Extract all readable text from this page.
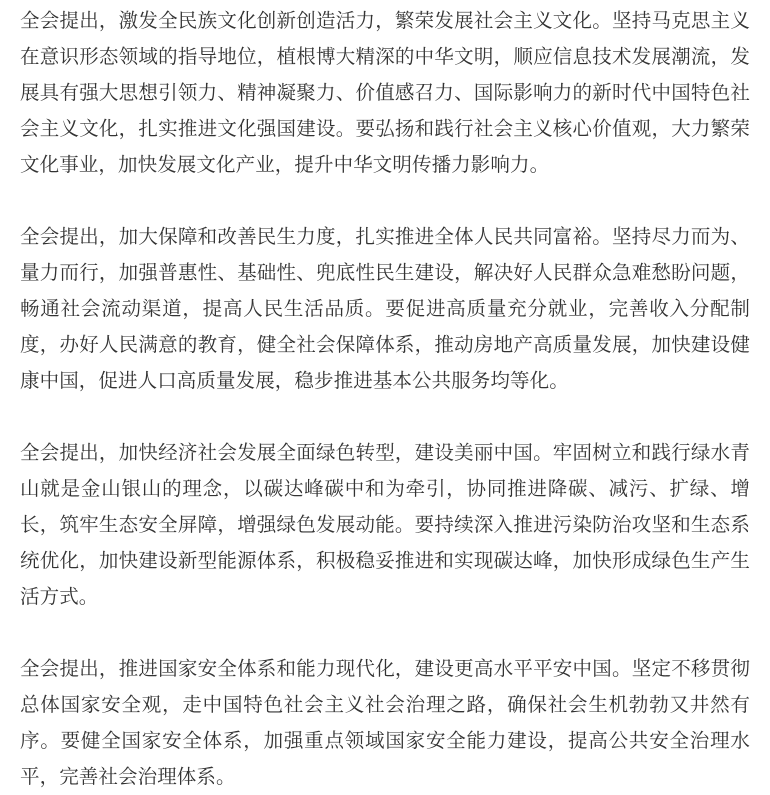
全会提出，激发全民族文化创新创造活力，繁荣发展社会主义文化。坚持马克思主义在意识形态领域的指导地位，植根博大精深的中华文明，顺应信息技术发展潮流，发展具有强大思想引领力、精神凝聚力、价值感召力、国际影响力的新时代中国特色社会主义文化，扎实推进文化强国建设。要弘扬和践行社会主义核心价值观，大力繁荣文化事业，加快发展文化产业，提升中华文明传播力影响力。

全会提出，加大保障和改善民生力度，扎实推进全体人民共同富裕。坚持尽力而为、量力而行，加强普惠性、基础性、兜底性民生建设，解决好人民群众急难愁盼问题，畅通社会流动渠道，提高人民生活品质。要促进高质量充分就业，完善收入分配制度，办好人民满意的教育，健全社会保障体系，推动房地产高质量发展，加快建设健康中国，促进人口高质量发展，稳步推进基本公共服务均等化。

全会提出，加快经济社会发展全面绿色转型，建设美丽中国。牢固树立和践行绿水青山就是金山银山的理念，以碳达峰碳中和为牵引，协同推进降碳、减污、扩绿、增长，筑牢生态安全屏障，增强绿色发展动能。要持续深入推进污染防治攻坚和生态系统优化，加快建设新型能源体系，积极稳妥推进和实现碳达峰，加快形成绿色生产生活方式。

全会提出，推进国家安全体系和能力现代化，建设更高水平平安中国。坚定不移贯彻总体国家安全观，走中国特色社会主义社会治理之路，确保社会生机勃勃又井然有序。要健全国家安全体系，加强重点领域国家安全能力建设，提高公共安全治理水平，完善社会治理体系。
